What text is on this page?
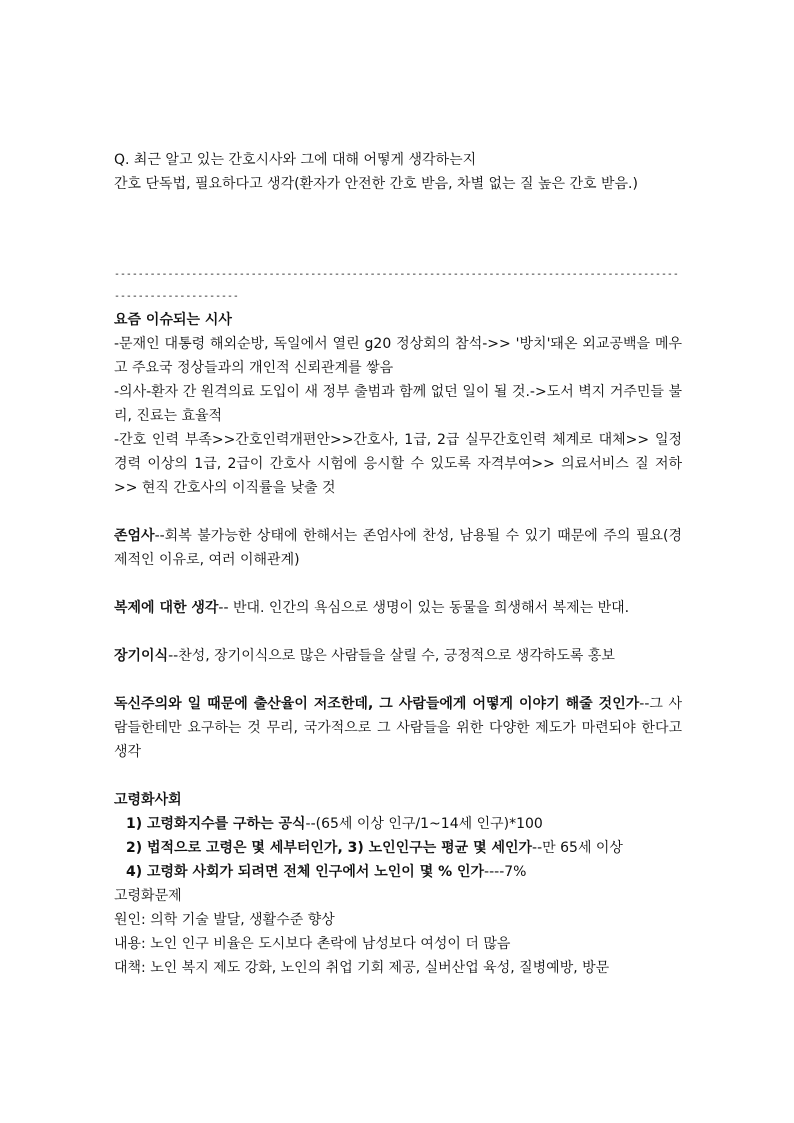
Q. 최근 알고 있는 간호시사와 그에 대해 어떻게 생각하는지

간호 단독법, 필요하다고 생각(환자가 안전한 간호 받음, 차별 없는 질 높은 간호 받음.)

--------------------------------------------------------------------------------------------------------------------

요즘 이슈되는 시사

-문재인 대통령 해외순방, 독일에서 열린 g20 정상회의 참석->> '방치'돼온 외교공백을 메우고 주요국 정상들과의 개인적 신뢰관계를 쌓음

-의사-환자 간 원격의료 도입이 새 정부 출범과 함께 없던 일이 될 것.->도서 벽지 거주민들 불리, 진료는 효율적

-간호 인력 부족>>간호인력개편안>>간호사, 1급, 2급 실무간호인력 체계로 대체>> 일정 경력 이상의 1급, 2급이 간호사 시험에 응시할 수 있도록 자격부여>> 의료서비스 질 저하>> 현직 간호사의 이직률을 낮출 것

존엄사--회복 불가능한 상태에 한해서는 존엄사에 찬성, 남용될 수 있기 때문에 주의 필요(경제적인 이유로, 여러 이해관계)

복제에 대한 생각-- 반대. 인간의 욕심으로 생명이 있는 동물을 희생해서 복제는 반대.

장기이식--찬성, 장기이식으로 많은 사람들을 살릴 수, 긍정적으로 생각하도록 홍보

독신주의와 일 때문에 출산율이 저조한데, 그 사람들에게 어떻게 이야기 해줄 것인가--그 사람들한테만 요구하는 것 무리, 국가적으로 그 사람들을 위한 다양한 제도가 마련되야 한다고 생각

고령화사회

1) 고령화지수를 구하는 공식--(65세 이상 인구/1~14세 인구)*100
2) 법적으로 고령은 몇 세부터인가, 3) 노인인구는 평균 몇 세인가--만 65세 이상
4) 고령화 사회가 되려면 전체 인구에서 노인이 몇 % 인가----7%

고령화문제

원인: 의학 기술 발달, 생활수준 향상

내용: 노인 인구 비율은 도시보다 촌락에 남성보다 여성이 더 많음

대책: 노인 복지 제도 강화, 노인의 취업 기회 제공, 실버산업 육성, 질병예방, 방문
